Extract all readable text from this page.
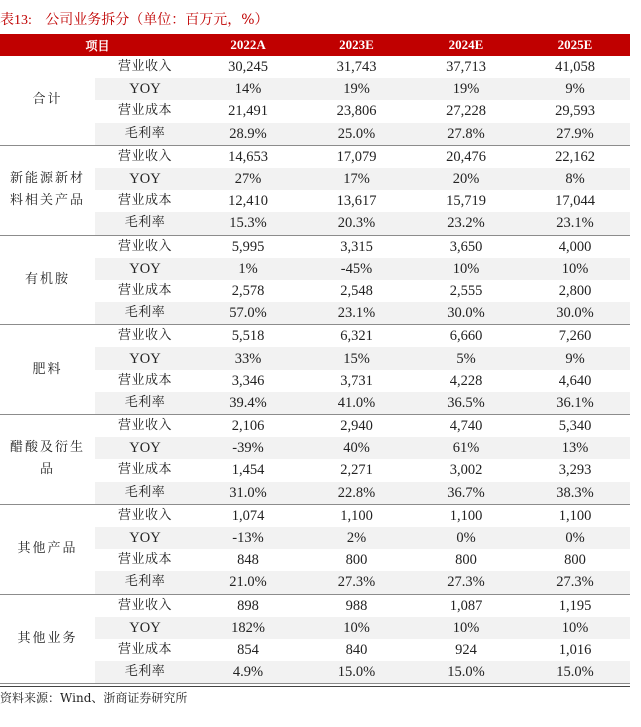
表13: 公司业务拆分（单位：百万元，%）
项目		2022A	2023E	2024E	2025E
合计	营业收入	30,245	31,743	37,713	41,058
	YOY	14%	19%	19%	9%
	营业成本	21,491	23,806	27,228	29,593
	毛利率	28.9%	25.0%	27.8%	27.9%
新能源新材料相关产品	营业收入	14,653	17,079	20,476	22,162
	YOY	27%	17%	20%	8%
	营业成本	12,410	13,617	15,719	17,044
	毛利率	15.3%	20.3%	23.2%	23.1%
有机胺	营业收入	5,995	3,315	3,650	4,000
	YOY	1%	-45%	10%	10%
	营业成本	2,578	2,548	2,555	2,800
	毛利率	57.0%	23.1%	30.0%	30.0%
肥料	营业收入	5,518	6,321	6,660	7,260
	YOY	33%	15%	5%	9%
	营业成本	3,346	3,731	4,228	4,640
	毛利率	39.4%	41.0%	36.5%	36.1%
醋酸及衍生品	营业收入	2,106	2,940	4,740	5,340
	YOY	-39%	40%	61%	13%
	营业成本	1,454	2,271	3,002	3,293
	毛利率	31.0%	22.8%	36.7%	38.3%
其他产品	营业收入	1,074	1,100	1,100	1,100
	YOY	-13%	2%	0%	0%
	营业成本	848	800	800	800
	毛利率	21.0%	27.3%	27.3%	27.3%
其他业务	营业收入	898	988	1,087	1,195
	YOY	182%	10%	10%	10%
	营业成本	854	840	924	1,016
	毛利率	4.9%	15.0%	15.0%	15.0%
资料来源：Wind、浙商证券研究所
